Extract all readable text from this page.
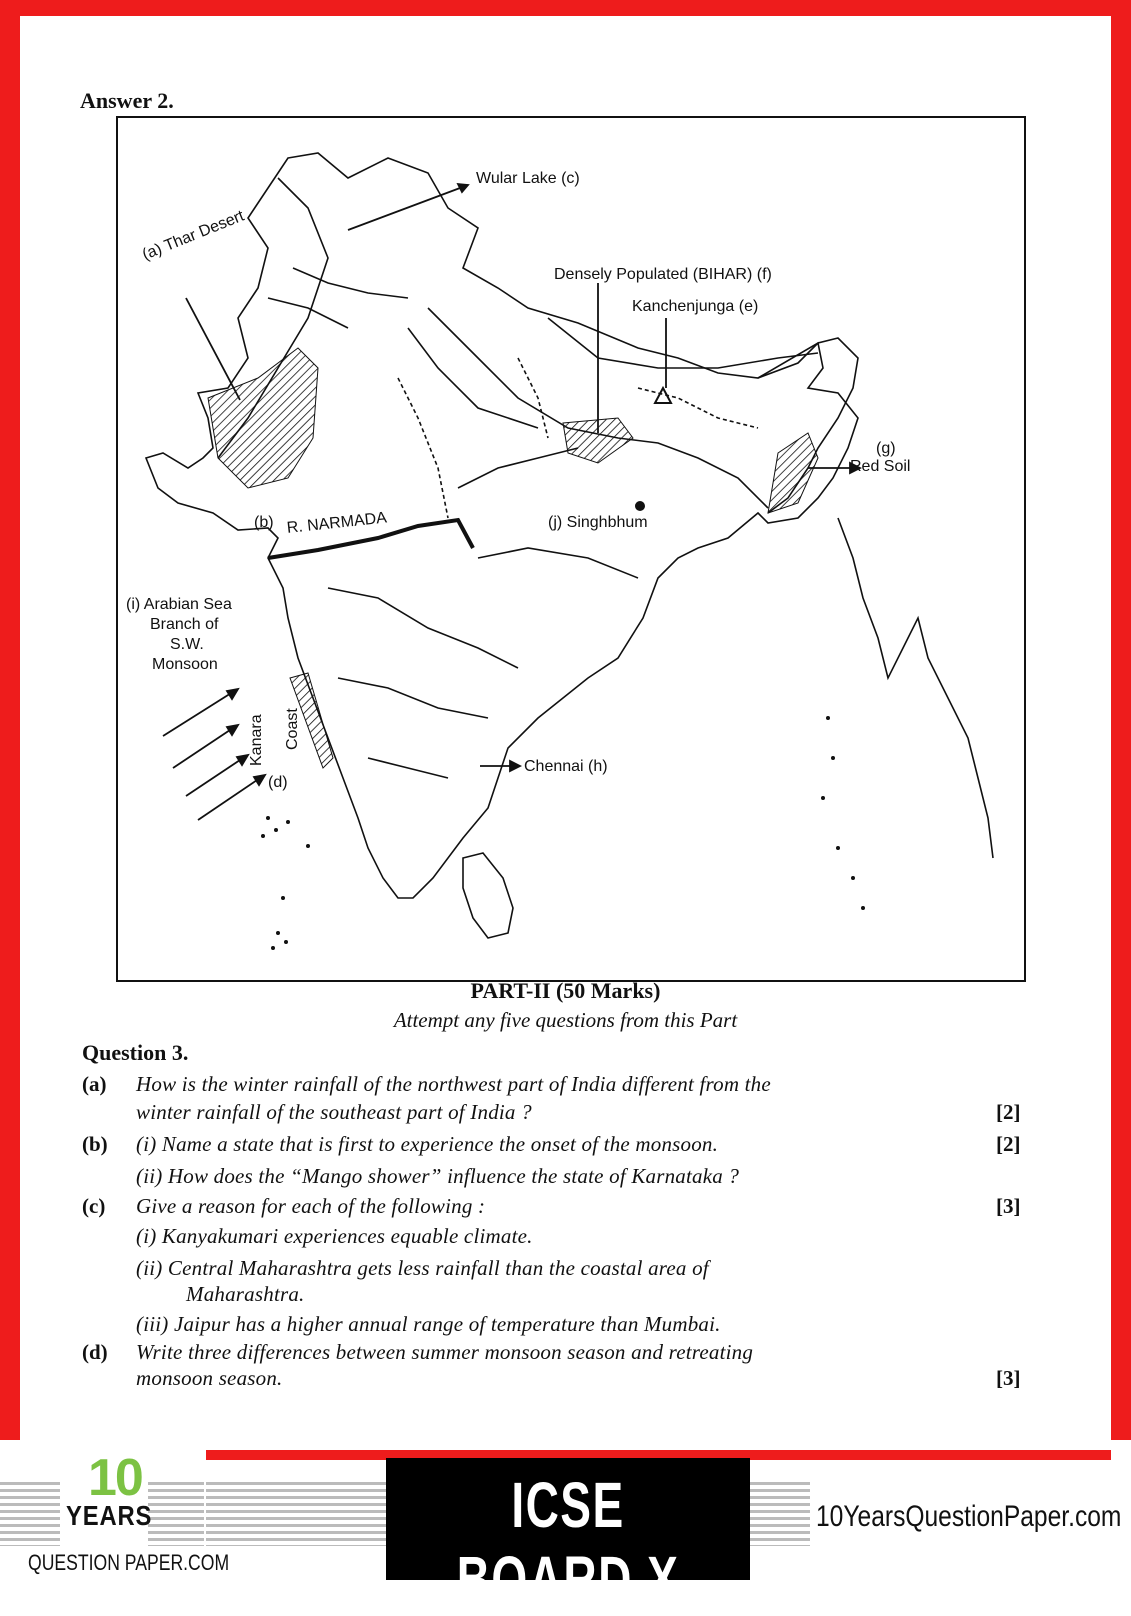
Answer 2.
Wular Lake (c)
(a) Thar Desert
Densely Populated (BIHAR) (f)
Kanchenjunga (e)
(g)
Red Soil
(b) R. NARMADA	(j) Singhbhum
(i) Arabian Sea
Branch of
S.W.
Monsoon
Kanara Coast
(d)
Chennai (h)
PART-II (50 Marks)
Attempt any five questions from this Part
Question 3.
(a) How is the winter rainfall of the northwest part of India different from the
winter rainfall of the southeast part of India ?	[2]
(b) (i) Name a state that is first to experience the onset of the monsoon.	[2]
(ii) How does the “Mango shower” influence the state of Karnataka ?
(c) Give a reason for each of the following :	[3]
(i) Kanyakumari experiences equable climate.
(ii) Central Maharashtra gets less rainfall than the coastal area of
Maharashtra.
(iii) Jaipur has a higher annual range of temperature than Mumbai.
(d) Write three differences between summer monsoon season and retreating
monsoon season.	[3]
10
YEARS
QUESTION PAPER.COM
ICSE BOARD X
10YearsQuestionPaper.com
